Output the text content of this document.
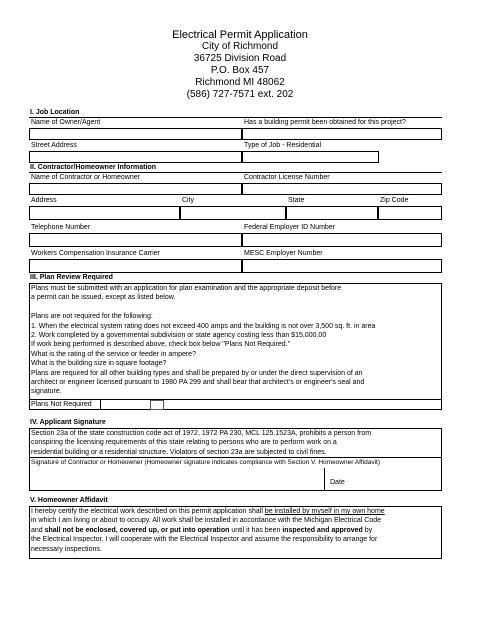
Electrical Permit Application
City of Richmond
36725 Division Road
P.O. Box 457
Richmond MI 48062
(586) 727-7571 ext. 202
I. Job Location
Name of Owner/Agent	Has a building permit been obtained for this project?
Street Address	Type of Job - Residential
II. Contractor/Homeowner Information
Name of Contractor or Homeowner	Contractor License Number
Address	City	State	Zip Code
Telephone Number	Federal Employer ID Number
Workers Compensation Insurance Carrier	MESC Employer Number
III. Plan Review Required
Plans must be submitted with an application for plan examination and the appropriate deposit before
a permit can be issued, except as listed below.

Plans are not required for the following:
1. When the electrical system rating does not exceed 400 amps and the building is not over 3,500 sq. ft. in area
2. Work completed by a governmental subdivision or state agency costing less than $15,000.00
If work being performed is described above, check box below "Plans Not Required."
What is the rating of the service or feeder in ampere?
What is the building size in square footage?
Plans are required for all other building types and shall be prepared by or under the direct supervision of an
architect or engineer licensed pursuant to 1980 PA 299 and shall bear that architect's or engineer's seal and
signature.
Plans Not Required
IV. Applicant Signature
Section 23a of the state construction code act of 1972, 1972 PA 230, MCL 125.1523A, prohibits a person from
conspiring the licensing requirements of this state relating to persons who are to perform work on a
residential building or a residential structure. Violators of section 23a are subjected to civil fines.
Signature of Contractor or Homeowner (Homeowner signature indicates compliance with Section V. Homeowner Affidavit)
Date
V. Homeowner Affidavit
I hereby certify the electrical work described on this permit application shall be installed by myself in my own home
in which I am living or about to occupy. All work shall be installed in accordance with the Michigan Electrical Code
and shall not be enclosed, covered up, or put into operation until it has been inspected and approved by
the Electrical Inspector. I will cooperate with the Electrical Inspector and assume the responsibility to arrange for
necessary inspections.
